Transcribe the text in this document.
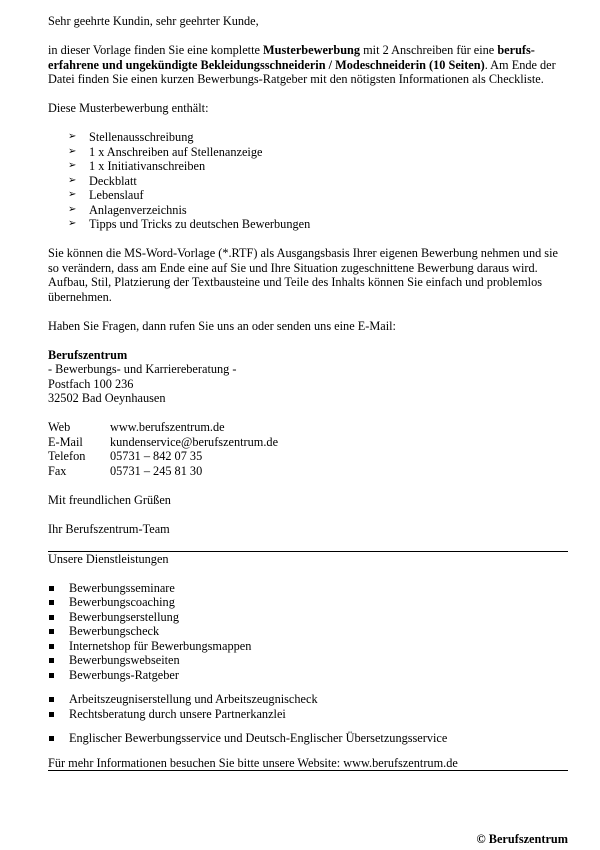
Sehr geehrte Kundin, sehr geehrter Kunde,

in dieser Vorlage finden Sie eine komplette Musterbewerbung mit 2 Anschreiben für eine berufs-erfahrene und ungekündigte Bekleidungsschneiderin / Modeschneiderin (10 Seiten). Am Ende der Datei finden Sie einen kurzen Bewerbungs-Ratgeber mit den nötigsten Informationen als Checkliste.

Diese Musterbewerbung enthält:

➢ Stellenausschreibung
➢ 1 x Anschreiben auf Stellenanzeige
➢ 1 x Initiativanschreiben
➢ Deckblatt
➢ Lebenslauf
➢ Anlagenverzeichnis
➢ Tipps und Tricks zu deutschen Bewerbungen

Sie können die MS-Word-Vorlage (*.RTF) als Ausgangsbasis Ihrer eigenen Bewerbung nehmen und sie so verändern, dass am Ende eine auf Sie und Ihre Situation zugeschnittene Bewerbung daraus wird. Aufbau, Stil, Platzierung der Textbausteine und Teile des Inhalts können Sie einfach und problemlos übernehmen.

Haben Sie Fragen, dann rufen Sie uns an oder senden uns eine E-Mail:

Berufszentrum

- Bewerbungs- und Karriereberatung -

Postfach 100 236

32502 Bad Oeynhausen

Web	www.berufszentrum.de
E-Mail	kundenservice@berufszentrum.de
Telefon	05731 – 842 07 35
Fax	05731 – 245 81 30

Mit freundlichen Grüßen

Ihr Berufszentrum-Team

Unsere Dienstleistungen

Bewerbungsseminare
Bewerbungscoaching
Bewerbungserstellung
Bewerbungscheck
Internetshop für Bewerbungsmappen
Bewerbungswebseiten
Bewerbungs-Ratgeber
Arbeitszeugniserstellung und Arbeitszeugnischeck
Rechtsberatung durch unsere Partnerkanzlei
Englischer Bewerbungsservice und Deutsch-Englischer Übersetzungsservice

Für mehr Informationen besuchen Sie bitte unsere Website: www.berufszentrum.de

© Berufszentrum
